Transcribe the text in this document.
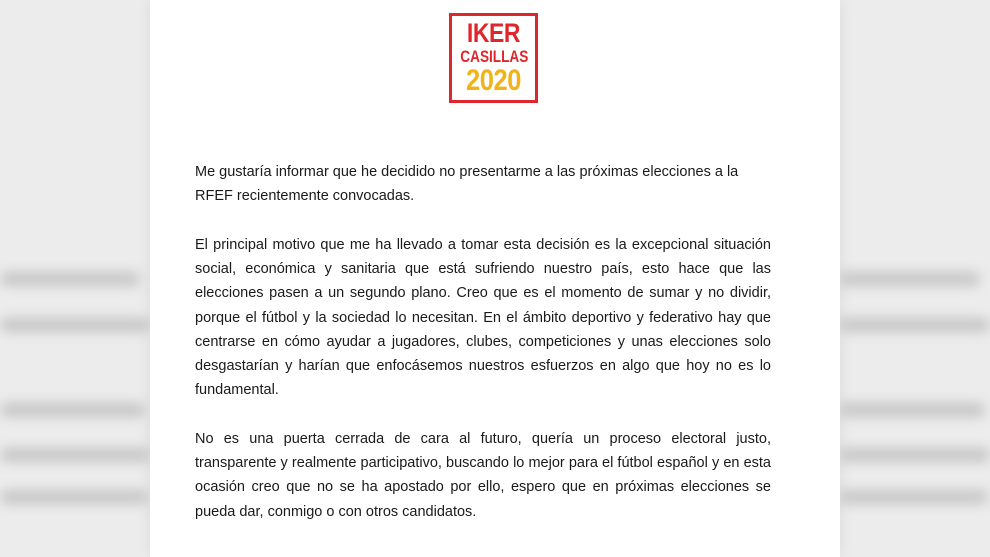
IKER
CASILLAS
2020
Me gustaría informar que he decidido no presentarme a las próximas elecciones a la RFEF recientemente convocadas.
El principal motivo que me ha llevado a tomar esta decisión es la excepcional situación social, económica y sanitaria que está sufriendo nuestro país, esto hace que las elecciones pasen a un segundo plano. Creo que es el momento de sumar y no dividir, porque el fútbol y la sociedad lo necesitan. En el ámbito deportivo y federativo hay que centrarse en cómo ayudar a jugadores, clubes, competiciones y unas elecciones solo desgastarían y harían que enfocásemos nuestros esfuerzos en algo que hoy no es lo fundamental.
No es una puerta cerrada de cara al futuro, quería un proceso electoral justo, transparente y realmente participativo, buscando lo mejor para el fútbol español y en esta ocasión creo que no se ha apostado por ello, espero que en próximas elecciones se pueda dar, conmigo o con otros candidatos.
